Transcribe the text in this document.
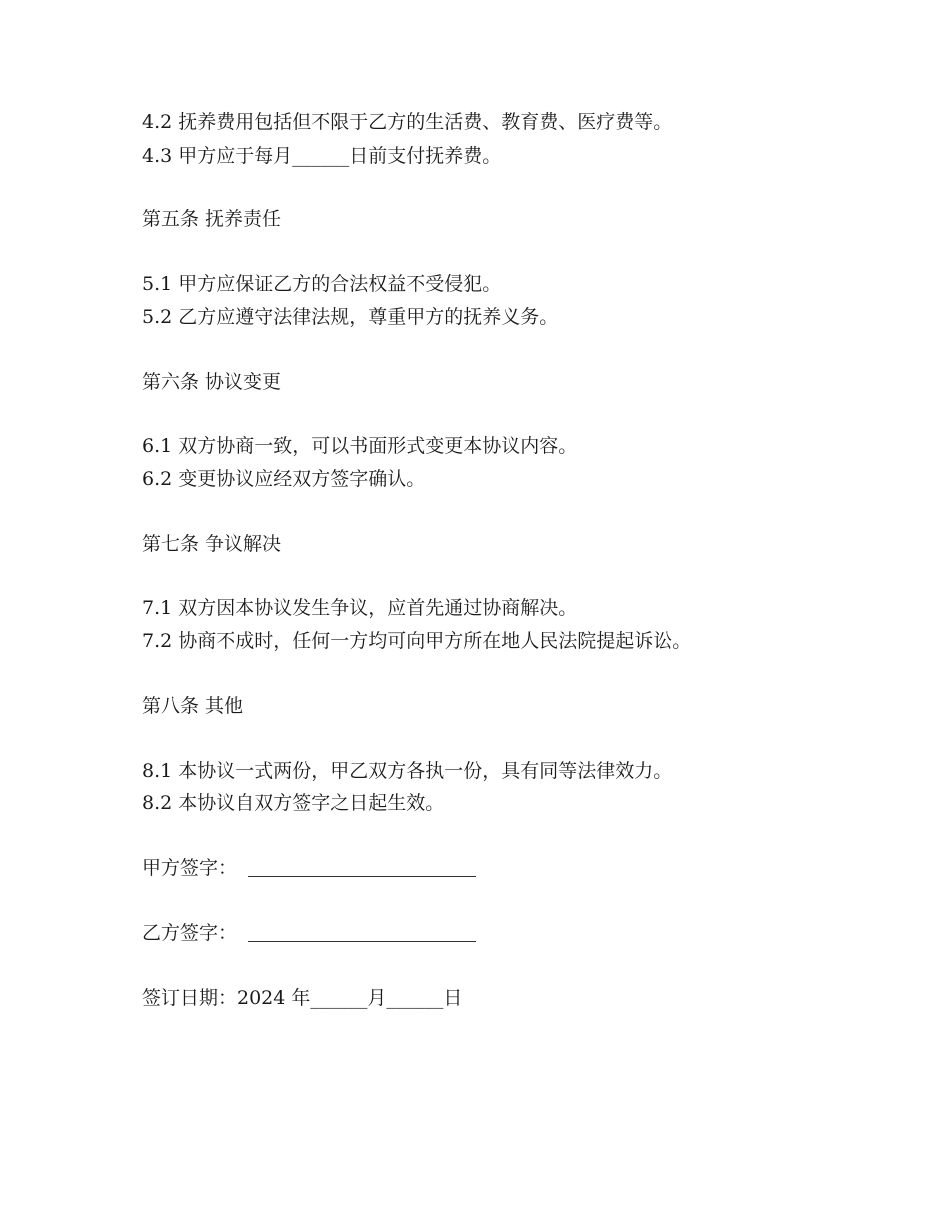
4.2 抚养费用包括但不限于乙方的生活费、教育费、医疗费等。
4.3 甲方应于每月______日前支付抚养费。
第五条 抚养责任
5.1 甲方应保证乙方的合法权益不受侵犯。
5.2 乙方应遵守法律法规，尊重甲方的抚养义务。
第六条 协议变更
6.1 双方协商一致，可以书面形式变更本协议内容。
6.2 变更协议应经双方签字确认。
第七条 争议解决
7.1 双方因本协议发生争议，应首先通过协商解决。
7.2 协商不成时，任何一方均可向甲方所在地人民法院提起诉讼。
第八条 其他
8.1 本协议一式两份，甲乙双方各执一份，具有同等法律效力。
8.2 本协议自双方签字之日起生效。
甲方签字：
乙方签字：
签订日期：2024 年______月______日
